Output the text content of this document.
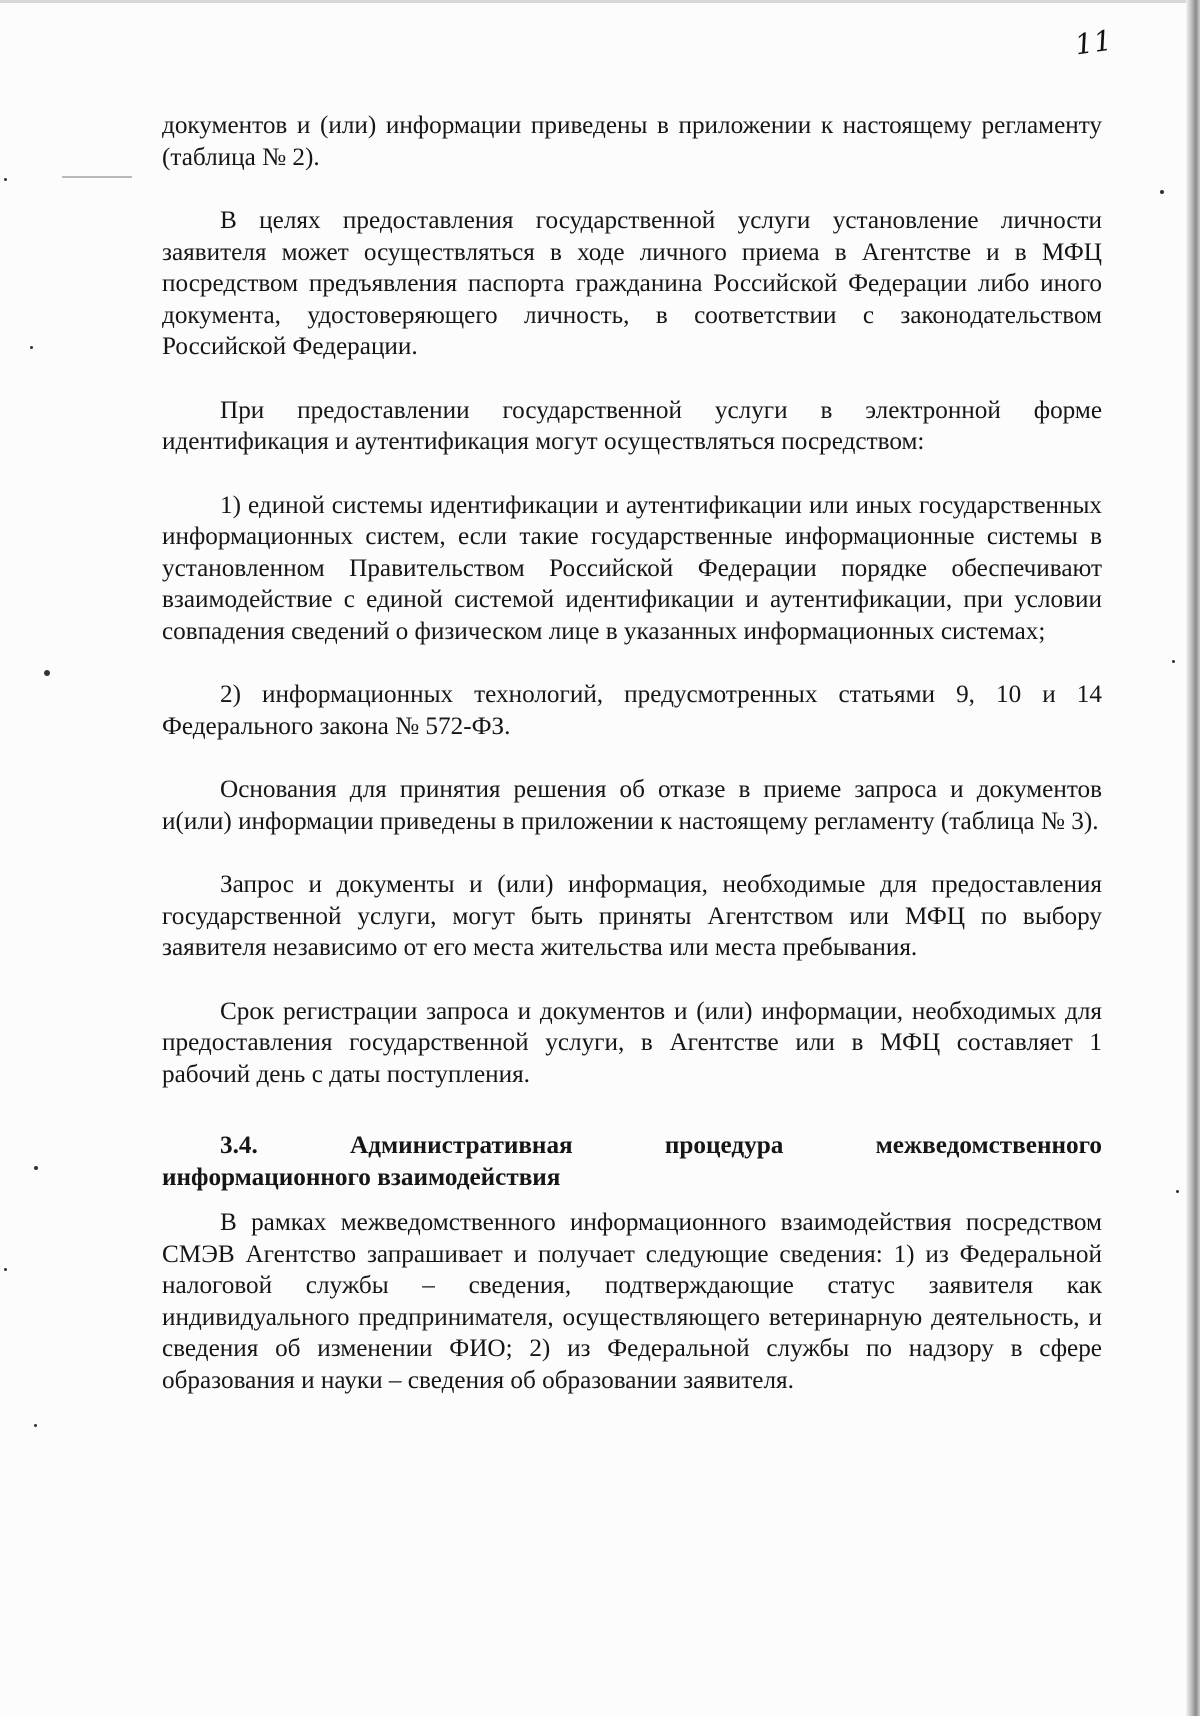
11

документов и (или) информации приведены в приложении к настоящему регламенту (таблица № 2).

В целях предоставления государственной услуги установление личности заявителя может осуществляться в ходе личного приема в Агентстве и в МФЦ посредством предъявления паспорта гражданина Российской Федерации либо иного документа, удостоверяющего личность, в соответствии с законодательством Российской Федерации.

При предоставлении государственной услуги в электронной форме идентификация и аутентификация могут осуществляться посредством:

1) единой системы идентификации и аутентификации или иных государственных информационных систем, если такие государственные информационные системы в установленном Правительством Российской Федерации порядке обеспечивают взаимодействие с единой системой идентификации и аутентификации, при условии совпадения сведений о физическом лице в указанных информационных системах;

2) информационных технологий, предусмотренных статьями 9, 10 и 14 Федерального закона № 572-ФЗ.

Основания для принятия решения об отказе в приеме запроса и документов и(или) информации приведены в приложении к настоящему регламенту (таблица № 3).

Запрос и документы и (или) информация, необходимые для предоставления государственной услуги, могут быть приняты Агентством или МФЦ по выбору заявителя независимо от его места жительства или места пребывания.

Срок регистрации запроса и документов и (или) информации, необходимых для предоставления государственной услуги, в Агентстве или в МФЦ составляет 1 рабочий день с даты поступления.

3.4.	Административная	процедура	межведомственного
информационного взаимодействия

В рамках межведомственного информационного взаимодействия посредством СМЭВ Агентство запрашивает и получает следующие сведения: 1) из Федеральной налоговой службы – сведения, подтверждающие статус заявителя как индивидуального предпринимателя, осуществляющего ветеринарную деятельность, и сведения об изменении ФИО; 2) из Федеральной службы по надзору в сфере образования и науки – сведения об образовании заявителя.
